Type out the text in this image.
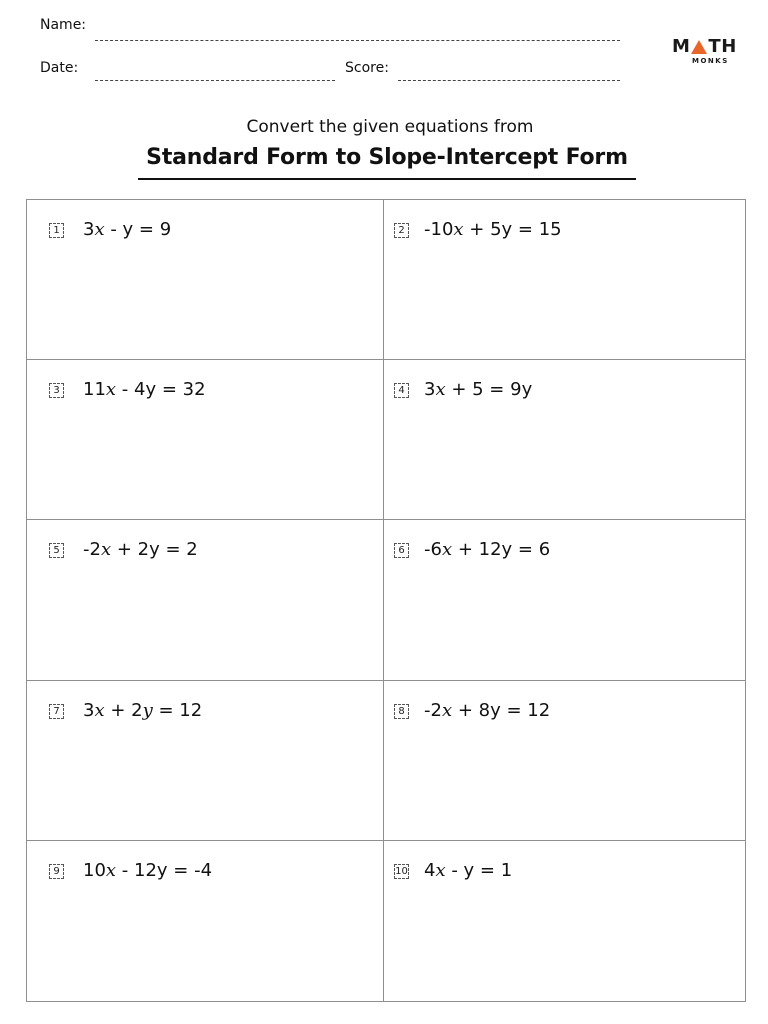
Name:
Date:	Score:
M TH
MONKS
Convert the given equations from
Standard Form to Slope-Intercept Form
1 3x - y = 9	2 -10x + 5y = 15
3 11x - 4y = 32	4 3x + 5 = 9y
5 -2x + 2y = 2	6 -6x + 12y = 6
7 3x + 2y = 12	8 -2x + 8y = 12
9 10x - 12y = -4	10 4x - y = 1
